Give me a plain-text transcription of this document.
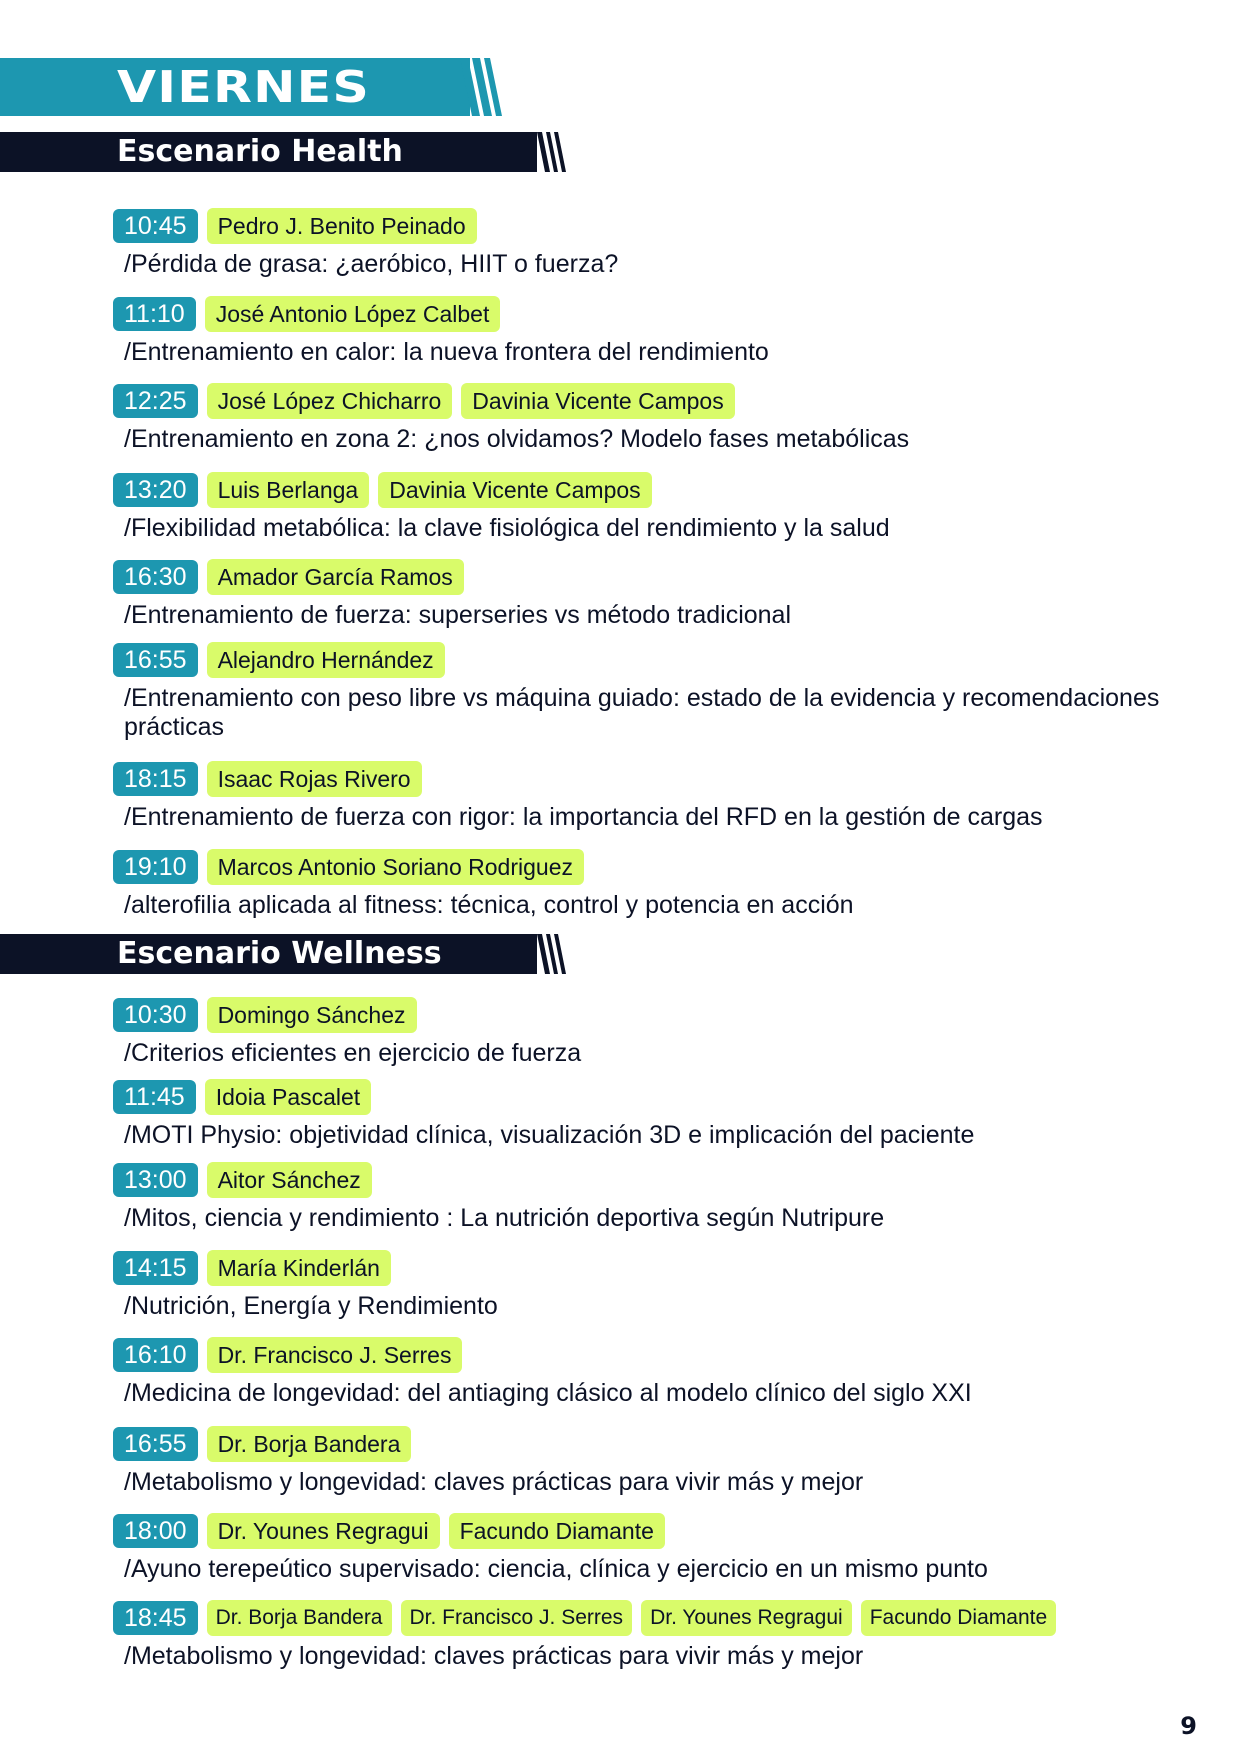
VIERNES
Escenario Health
10:45	Pedro J. Benito Peinado
/Pérdida de grasa: ¿aeróbico, HIIT o fuerza?
11:10	José Antonio López Calbet
/Entrenamiento en calor: la nueva frontera del rendimiento
12:25	José López Chicharro	Davinia Vicente Campos
/Entrenamiento en zona 2: ¿nos olvidamos? Modelo fases metabólicas
13:20	Luis Berlanga	Davinia Vicente Campos
/Flexibilidad metabólica: la clave fisiológica del rendimiento y la salud
16:30	Amador García Ramos
/Entrenamiento de fuerza: superseries vs método tradicional
16:55	Alejandro Hernández
/Entrenamiento con peso libre vs máquina guiado: estado de la evidencia y recomendaciones prácticas
18:15	Isaac Rojas Rivero
/Entrenamiento de fuerza con rigor: la importancia del RFD en la gestión de cargas
19:10	Marcos Antonio Soriano Rodriguez
/alterofilia aplicada al fitness: técnica, control y potencia en acción
Escenario Wellness
10:30	Domingo Sánchez
/Criterios eficientes en ejercicio de fuerza
11:45	Idoia Pascalet
/MOTI Physio: objetividad clínica, visualización 3D e implicación del paciente
13:00	Aitor Sánchez
/Mitos, ciencia y rendimiento : La nutrición deportiva según Nutripure
14:15	María Kinderlán
/Nutrición, Energía y Rendimiento
16:10	Dr. Francisco J. Serres
/Medicina de longevidad: del antiaging clásico al modelo clínico del siglo XXI
16:55	Dr. Borja Bandera
/Metabolismo y longevidad: claves prácticas para vivir más y mejor
18:00	Dr. Younes Regragui	Facundo Diamante
/Ayuno terepeútico supervisado: ciencia, clínica y ejercicio en un mismo punto
18:45	Dr. Borja Bandera	Dr. Francisco J. Serres	Dr. Younes Regragui	Facundo Diamante
/Metabolismo y longevidad: claves prácticas para vivir más y mejor
9
